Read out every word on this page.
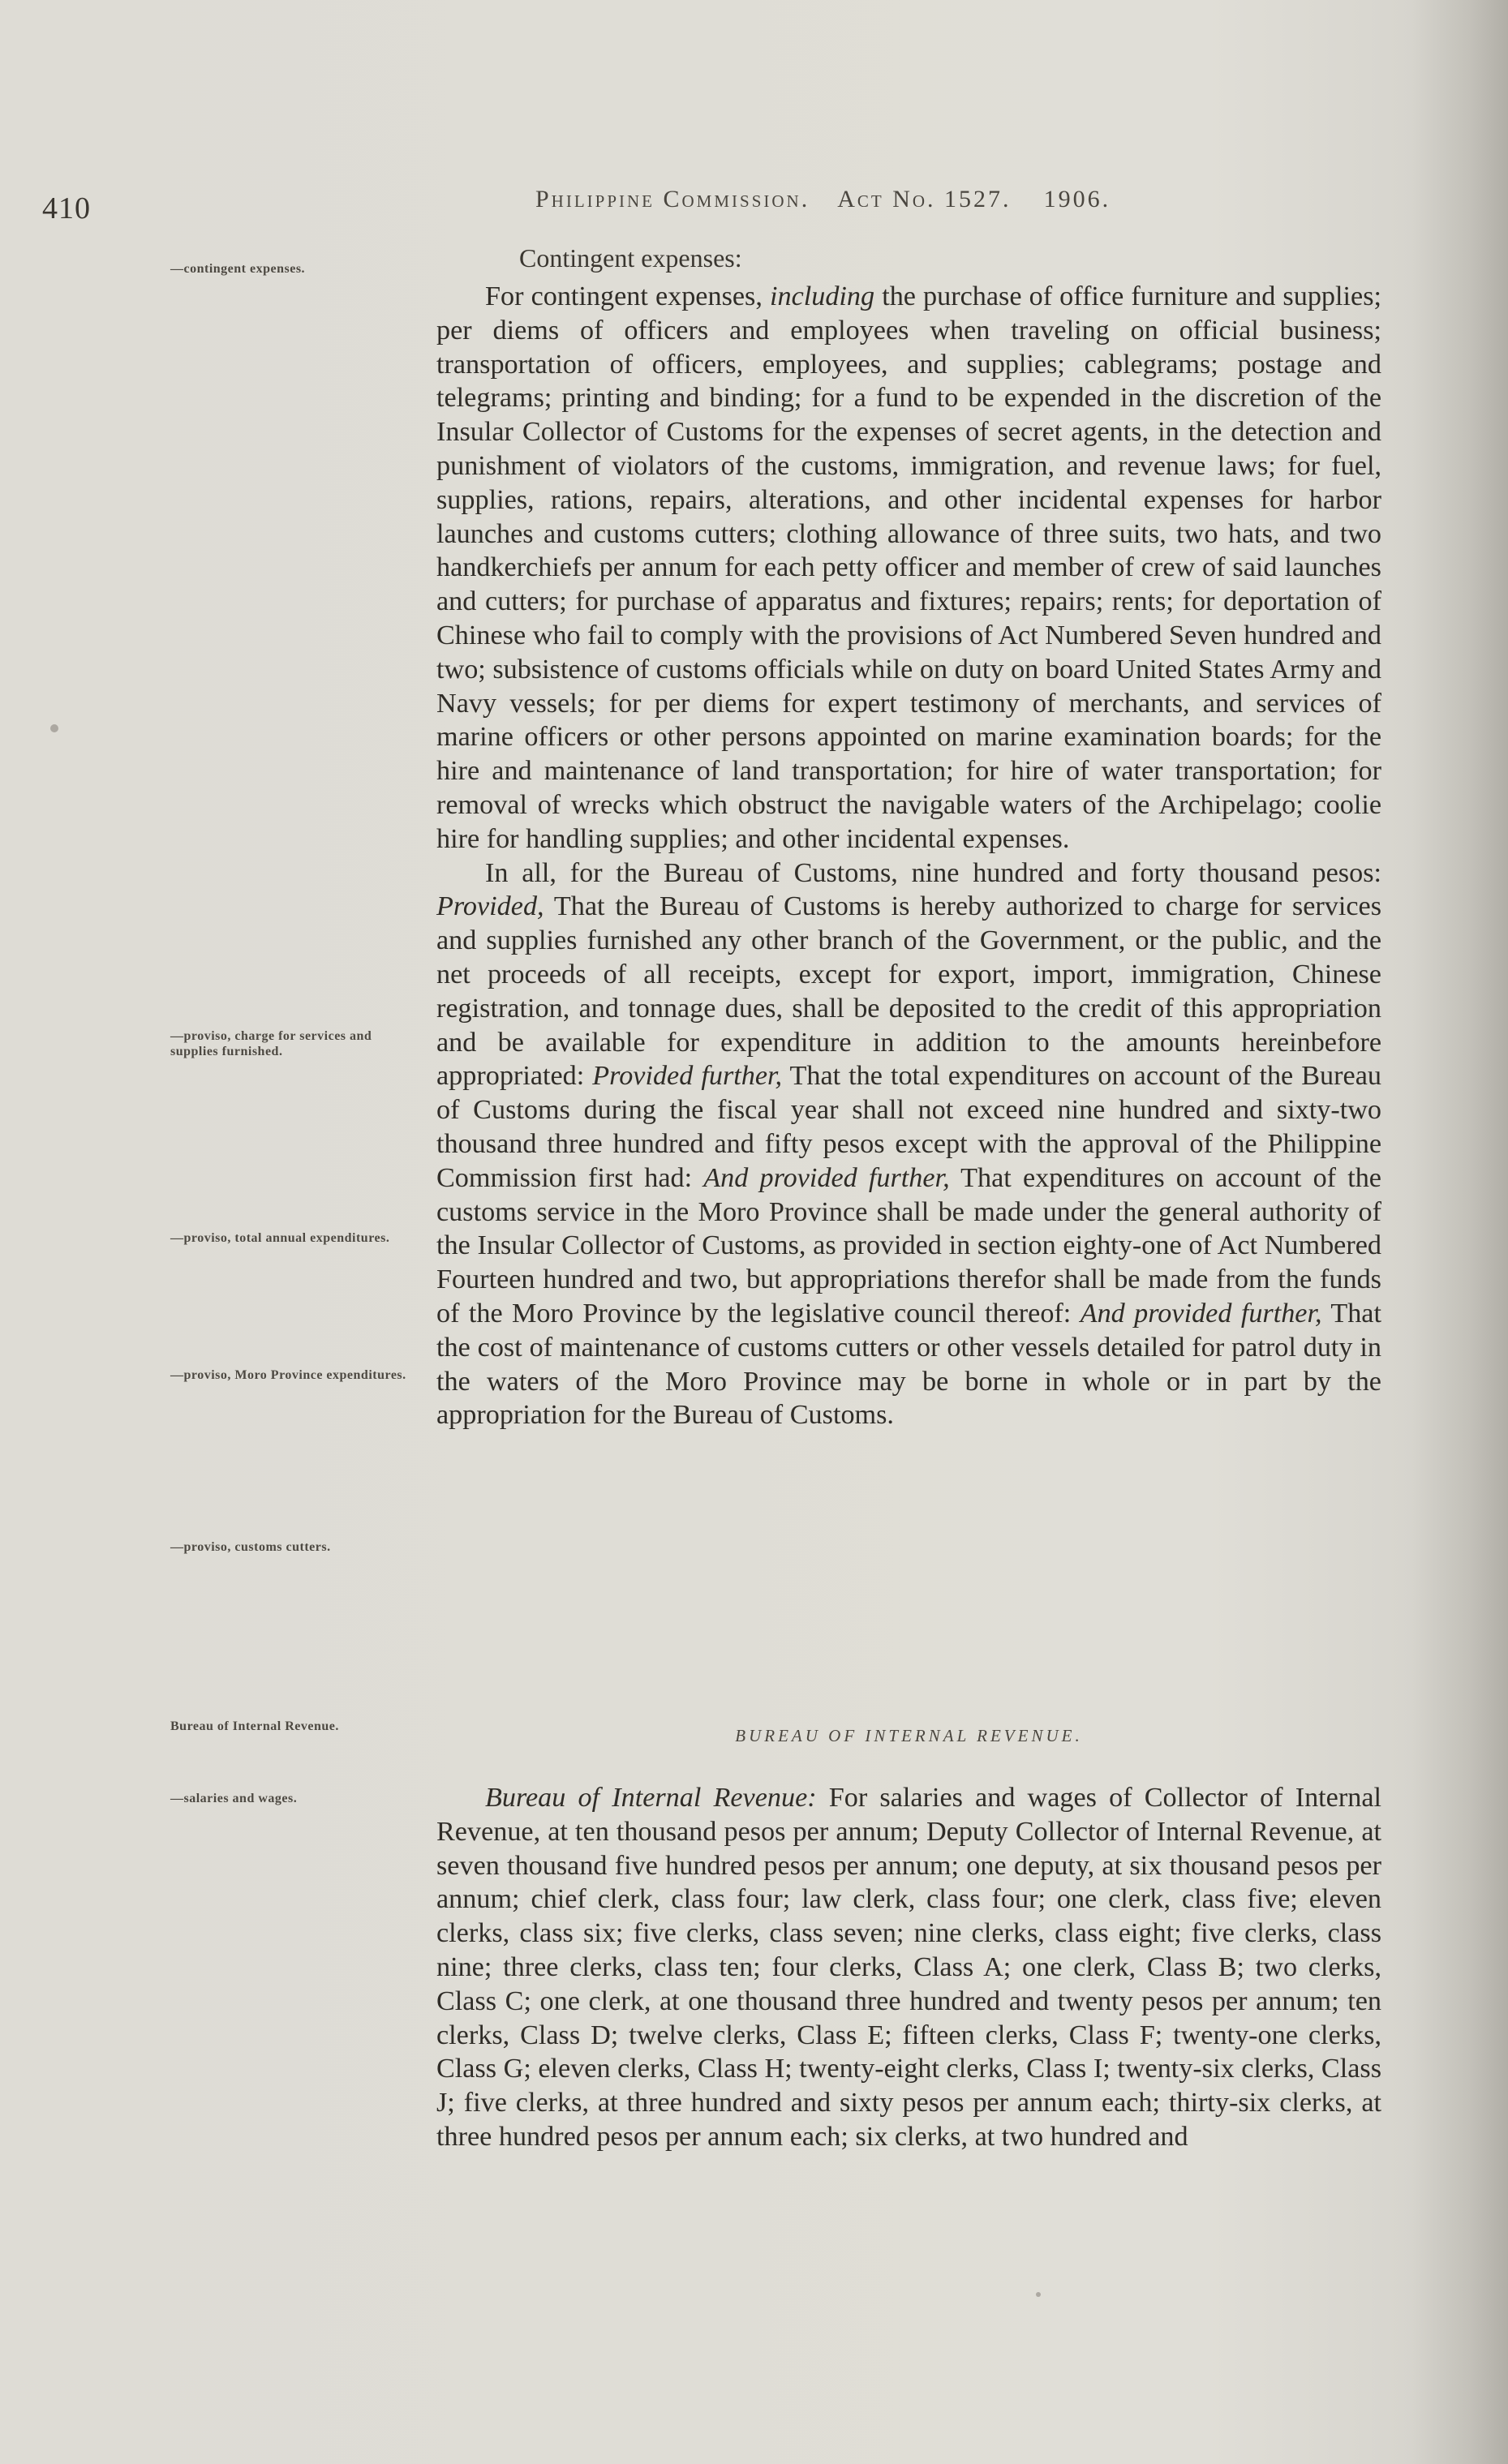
410	Philippine Commission. Act No. 1527. 1906.
—contingent expenses.
—proviso, charge for services and supplies furnished.
—proviso, total annual expenditures.
—proviso, Moro Province expenditures.
—proviso, customs cutters.
Bureau of Internal Revenue.
—salaries and wages.
Contingent expenses:

For contingent expenses, including the purchase of office furniture and supplies; per diems of officers and employees when traveling on official business; transportation of officers, employees, and supplies; cablegrams; postage and telegrams; printing and binding; for a fund to be expended in the discretion of the Insular Collector of Customs for the expenses of secret agents, in the detection and punishment of violators of the customs, immigration, and revenue laws; for fuel, supplies, rations, repairs, alterations, and other incidental expenses for harbor launches and customs cutters; clothing allowance of three suits, two hats, and two handkerchiefs per annum for each petty officer and member of crew of said launches and cutters; for purchase of apparatus and fixtures; repairs; rents; for deportation of Chinese who fail to comply with the provisions of Act Numbered Seven hundred and two; subsistence of customs officials while on duty on board United States Army and Navy vessels; for per diems for expert testimony of merchants, and services of marine officers or other persons appointed on marine examination boards; for the hire and maintenance of land transportation; for hire of water transportation; for removal of wrecks which obstruct the navigable waters of the Archipelago; coolie hire for handling supplies; and other incidental expenses.

In all, for the Bureau of Customs, nine hundred and forty thousand pesos: Provided, That the Bureau of Customs is hereby authorized to charge for services and supplies furnished any other branch of the Government, or the public, and the net proceeds of all receipts, except for export, import, immigration, Chinese registration, and tonnage dues, shall be deposited to the credit of this appropriation and be available for expenditure in addition to the amounts hereinbefore appropriated: Provided further, That the total expenditures on account of the Bureau of Customs during the fiscal year shall not exceed nine hundred and sixty-two thousand three hundred and fifty pesos except with the approval of the Philippine Commission first had: And provided further, That expenditures on account of the customs service in the Moro Province shall be made under the general authority of the Insular Collector of Customs, as provided in section eighty-one of Act Numbered Fourteen hundred and two, but appropriations therefor shall be made from the funds of the Moro Province by the legislative council thereof: And provided further, That the cost of maintenance of customs cutters or other vessels detailed for patrol duty in the waters of the Moro Province may be borne in whole or in part by the appropriation for the Bureau of Customs.

BUREAU OF INTERNAL REVENUE.

Bureau of Internal Revenue: For salaries and wages of Collector of Internal Revenue, at ten thousand pesos per annum; Deputy Collector of Internal Revenue, at seven thousand five hundred pesos per annum; one deputy, at six thousand pesos per annum; chief clerk, class four; law clerk, class four; one clerk, class five; eleven clerks, class six; five clerks, class seven; nine clerks, class eight; five clerks, class nine; three clerks, class ten; four clerks, Class A; one clerk, Class B; two clerks, Class C; one clerk, at one thousand three hundred and twenty pesos per annum; ten clerks, Class D; twelve clerks, Class E; fifteen clerks, Class F; twenty-one clerks, Class G; eleven clerks, Class H; twenty-eight clerks, Class I; twenty-six clerks, Class J; five clerks, at three hundred and sixty pesos per annum each; thirty-six clerks, at three hundred pesos per annum each; six clerks, at two hundred and
